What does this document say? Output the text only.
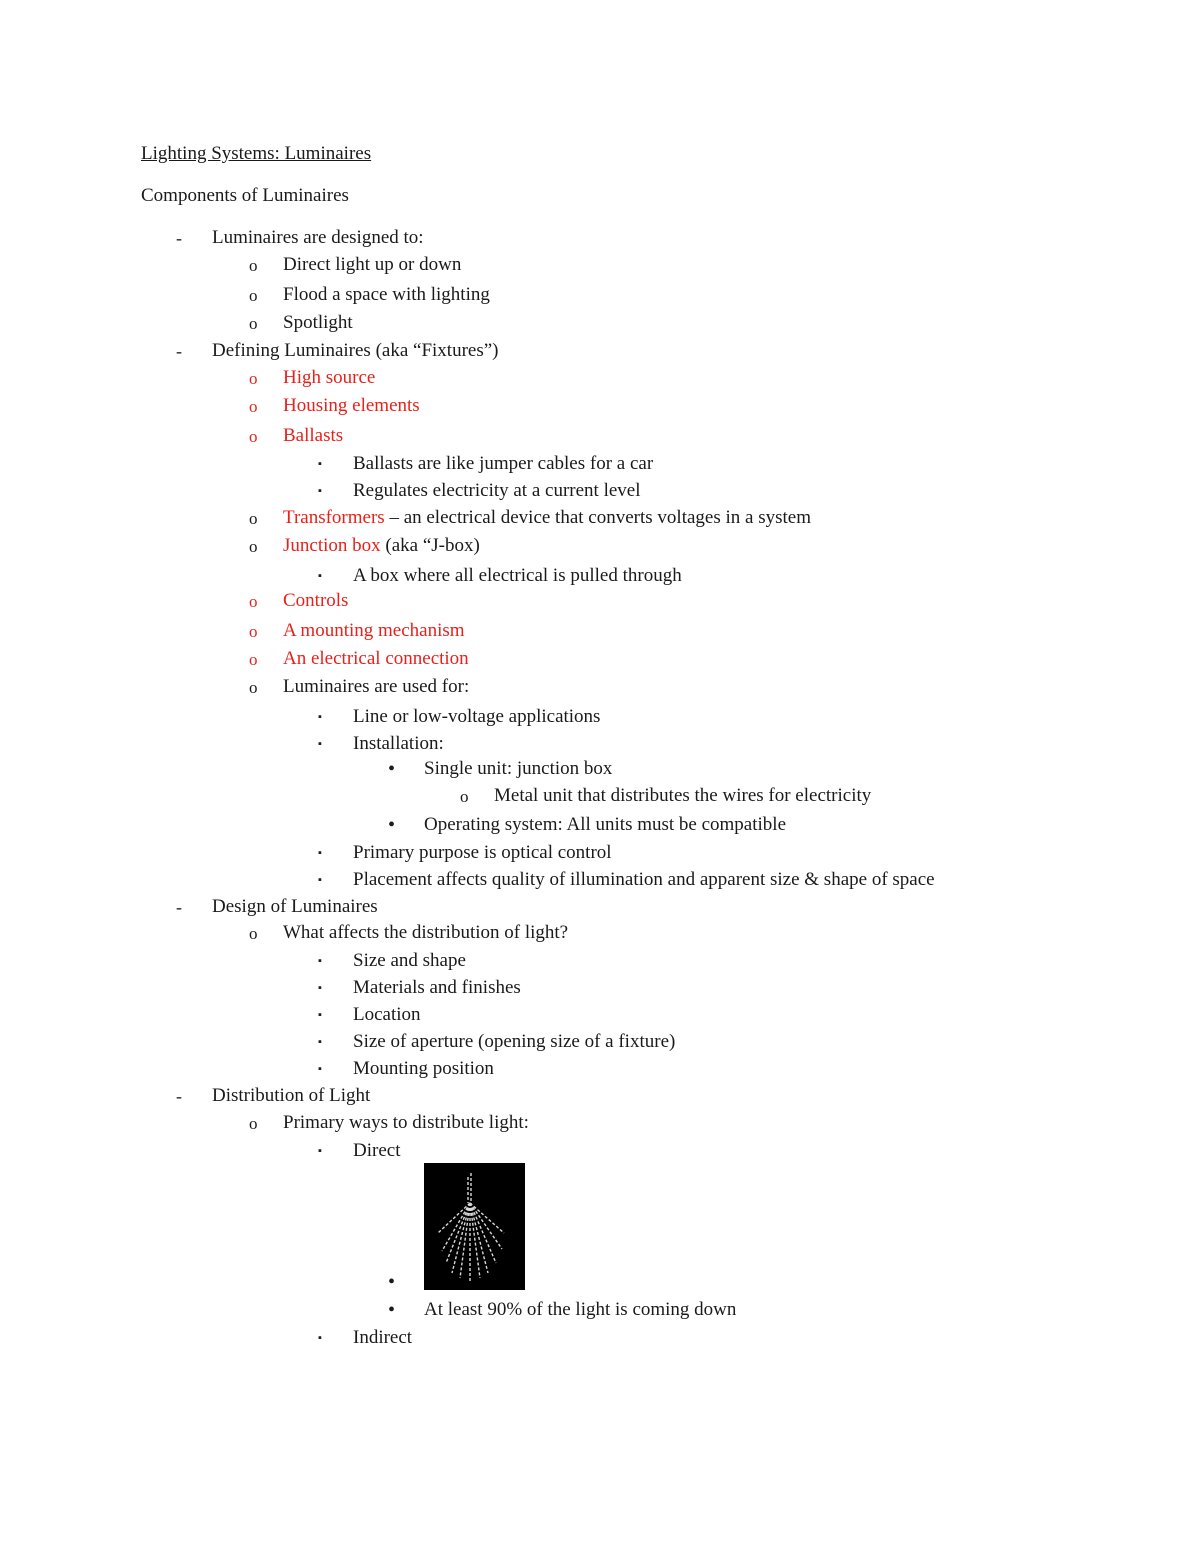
Lighting Systems: Luminaires
Components of Luminaires
- Luminaires are designed to:
o Direct light up or down
o Flood a space with lighting
o Spotlight
- Defining Luminaires (aka “Fixtures”)
o High source
o Housing elements
o Ballasts
▪ Ballasts are like jumper cables for a car
▪ Regulates electricity at a current level
o Transformers – an electrical device that converts voltages in a system
o Junction box (aka “J-box)
▪ A box where all electrical is pulled through
o Controls
o A mounting mechanism
o An electrical connection
o Luminaires are used for:
▪ Line or low-voltage applications
▪ Installation:
• Single unit: junction box
o Metal unit that distributes the wires for electricity
• Operating system: All units must be compatible
▪ Primary purpose is optical control
▪ Placement affects quality of illumination and apparent size & shape of space
- Design of Luminaires
o What affects the distribution of light?
▪ Size and shape
▪ Materials and finishes
▪ Location
▪ Size of aperture (opening size of a fixture)
▪ Mounting position
- Distribution of Light
o Primary ways to distribute light:
▪ Direct
•
• At least 90% of the light is coming down
▪ Indirect
